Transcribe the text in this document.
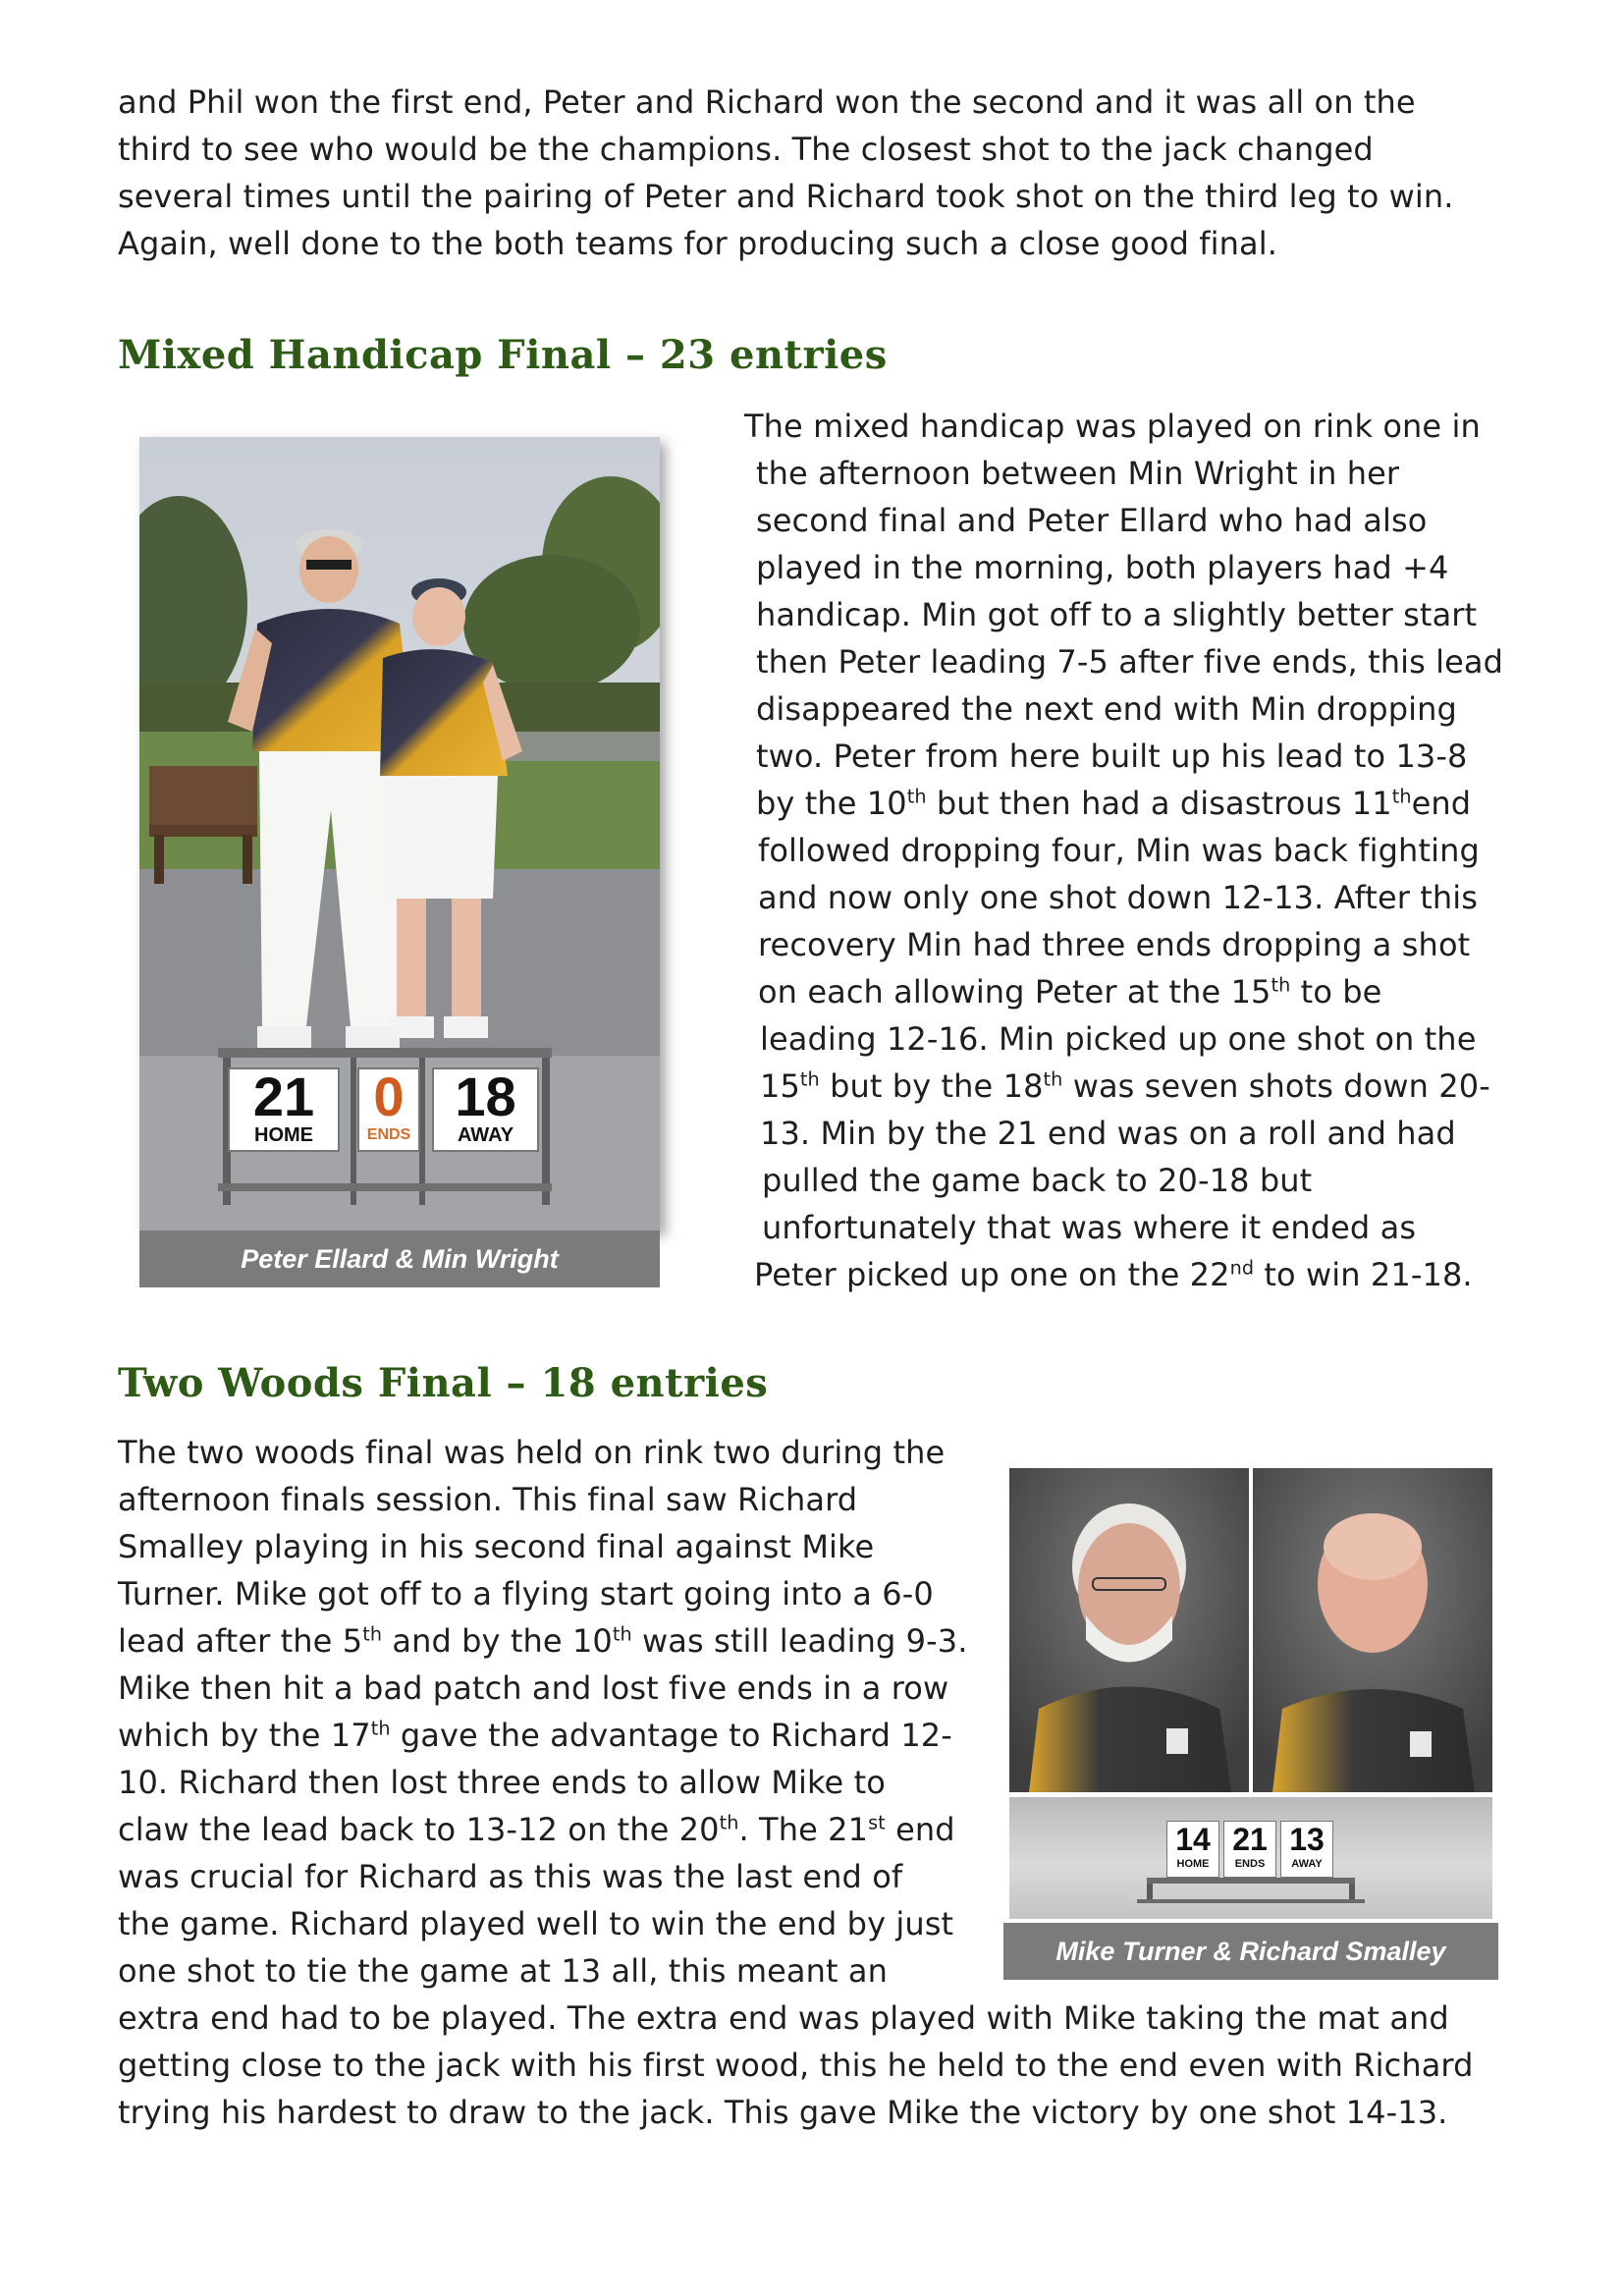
and Phil won the first end, Peter and Richard won the second and it was all on the
third to see who would be the champions. The closest shot to the jack changed
several times until the pairing of Peter and Richard took shot on the third leg to win.
Again, well done to the both teams for producing such a close good final.
Mixed Handicap Final – 23 entries
21
HOME
0
ENDS
18
AWAY
Peter Ellard & Min Wright
The mixed handicap was played on rink one in
the afternoon between Min Wright in her
second final and Peter Ellard who had also
played in the morning, both players had +4
handicap. Min got off to a slightly better start
then Peter leading 7-5 after five ends, this lead
disappeared the next end with Min dropping
two. Peter from here built up his lead to 13-8
by the 10th but then had a disastrous 11thend
followed dropping four, Min was back fighting
and now only one shot down 12-13. After this
recovery Min had three ends dropping a shot
on each allowing Peter at the 15th to be
leading 12-16. Min picked up one shot on the
15th but by the 18th was seven shots down 20-
13. Min by the 21 end was on a roll and had
pulled the game back to 20-18 but
unfortunately that was where it ended as
Peter picked up one on the 22nd to win 21-18.
Two Woods Final – 18 entries
The two woods final was held on rink two during the
afternoon finals session. This final saw Richard
Smalley playing in his second final against Mike
Turner. Mike got off to a flying start going into a 6-0
lead after the 5th and by the 10th was still leading 9-3.
Mike then hit a bad patch and lost five ends in a row
which by the 17th gave the advantage to Richard 12-
10. Richard then lost three ends to allow Mike to
claw the lead back to 13-12 on the 20th. The 21st end
was crucial for Richard as this was the last end of
the game. Richard played well to win the end by just
one shot to tie the game at 13 all, this meant an
extra end had to be played. The extra end was played with Mike taking the mat and
getting close to the jack with his first wood, this he held to the end even with Richard
trying his hardest to draw to the jack. This gave Mike the victory by one shot 14-13.
14
HOME
21
ENDS
13
AWAY
Mike Turner & Richard Smalley
